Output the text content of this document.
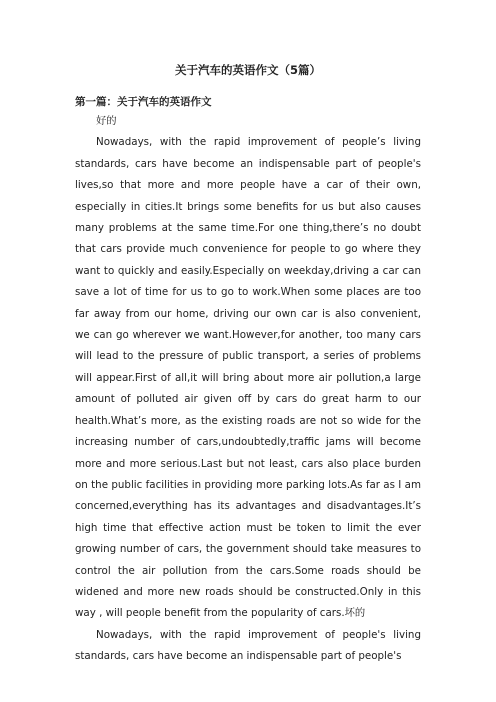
关于汽车的英语作文（5篇）
第一篇：关于汽车的英语作文

好的

Nowadays, with the rapid improvement of people’s living standards, cars have become an indispensable part of people's lives,so that more and more people have a car of their own, especially in cities.It brings some benefits for us but also causes many problems at the same time.For one thing,there’s no doubt that cars provide much convenience for people to go where they want to quickly and easily.Especially on weekday,driving a car can save a lot of time for us to go to work.When some places are too far away from our home, driving our own car is also convenient, we can go wherever we want.However,for another, too many cars will lead to the pressure of public transport, a series of problems will appear.First of all,it will bring about more air pollution,a large amount of polluted air given off by cars do great harm to our health.What’s more, as the existing roads are not so wide for the increasing number of cars,undoubtedly,traffic jams will become more and more serious.Last but not least, cars also place burden on the public facilities in providing more parking lots.As far as I am concerned,everything has its advantages and disadvantages.It’s high time that effective action must be token to limit the ever growing number of cars, the government should take measures to control the air pollution from the cars.Some roads should be widened and more new roads should be constructed.Only in this way , will people benefit from the popularity of cars.坏的

Nowadays, with the rapid improvement of people's living standards, cars have become an indispensable part of people's
